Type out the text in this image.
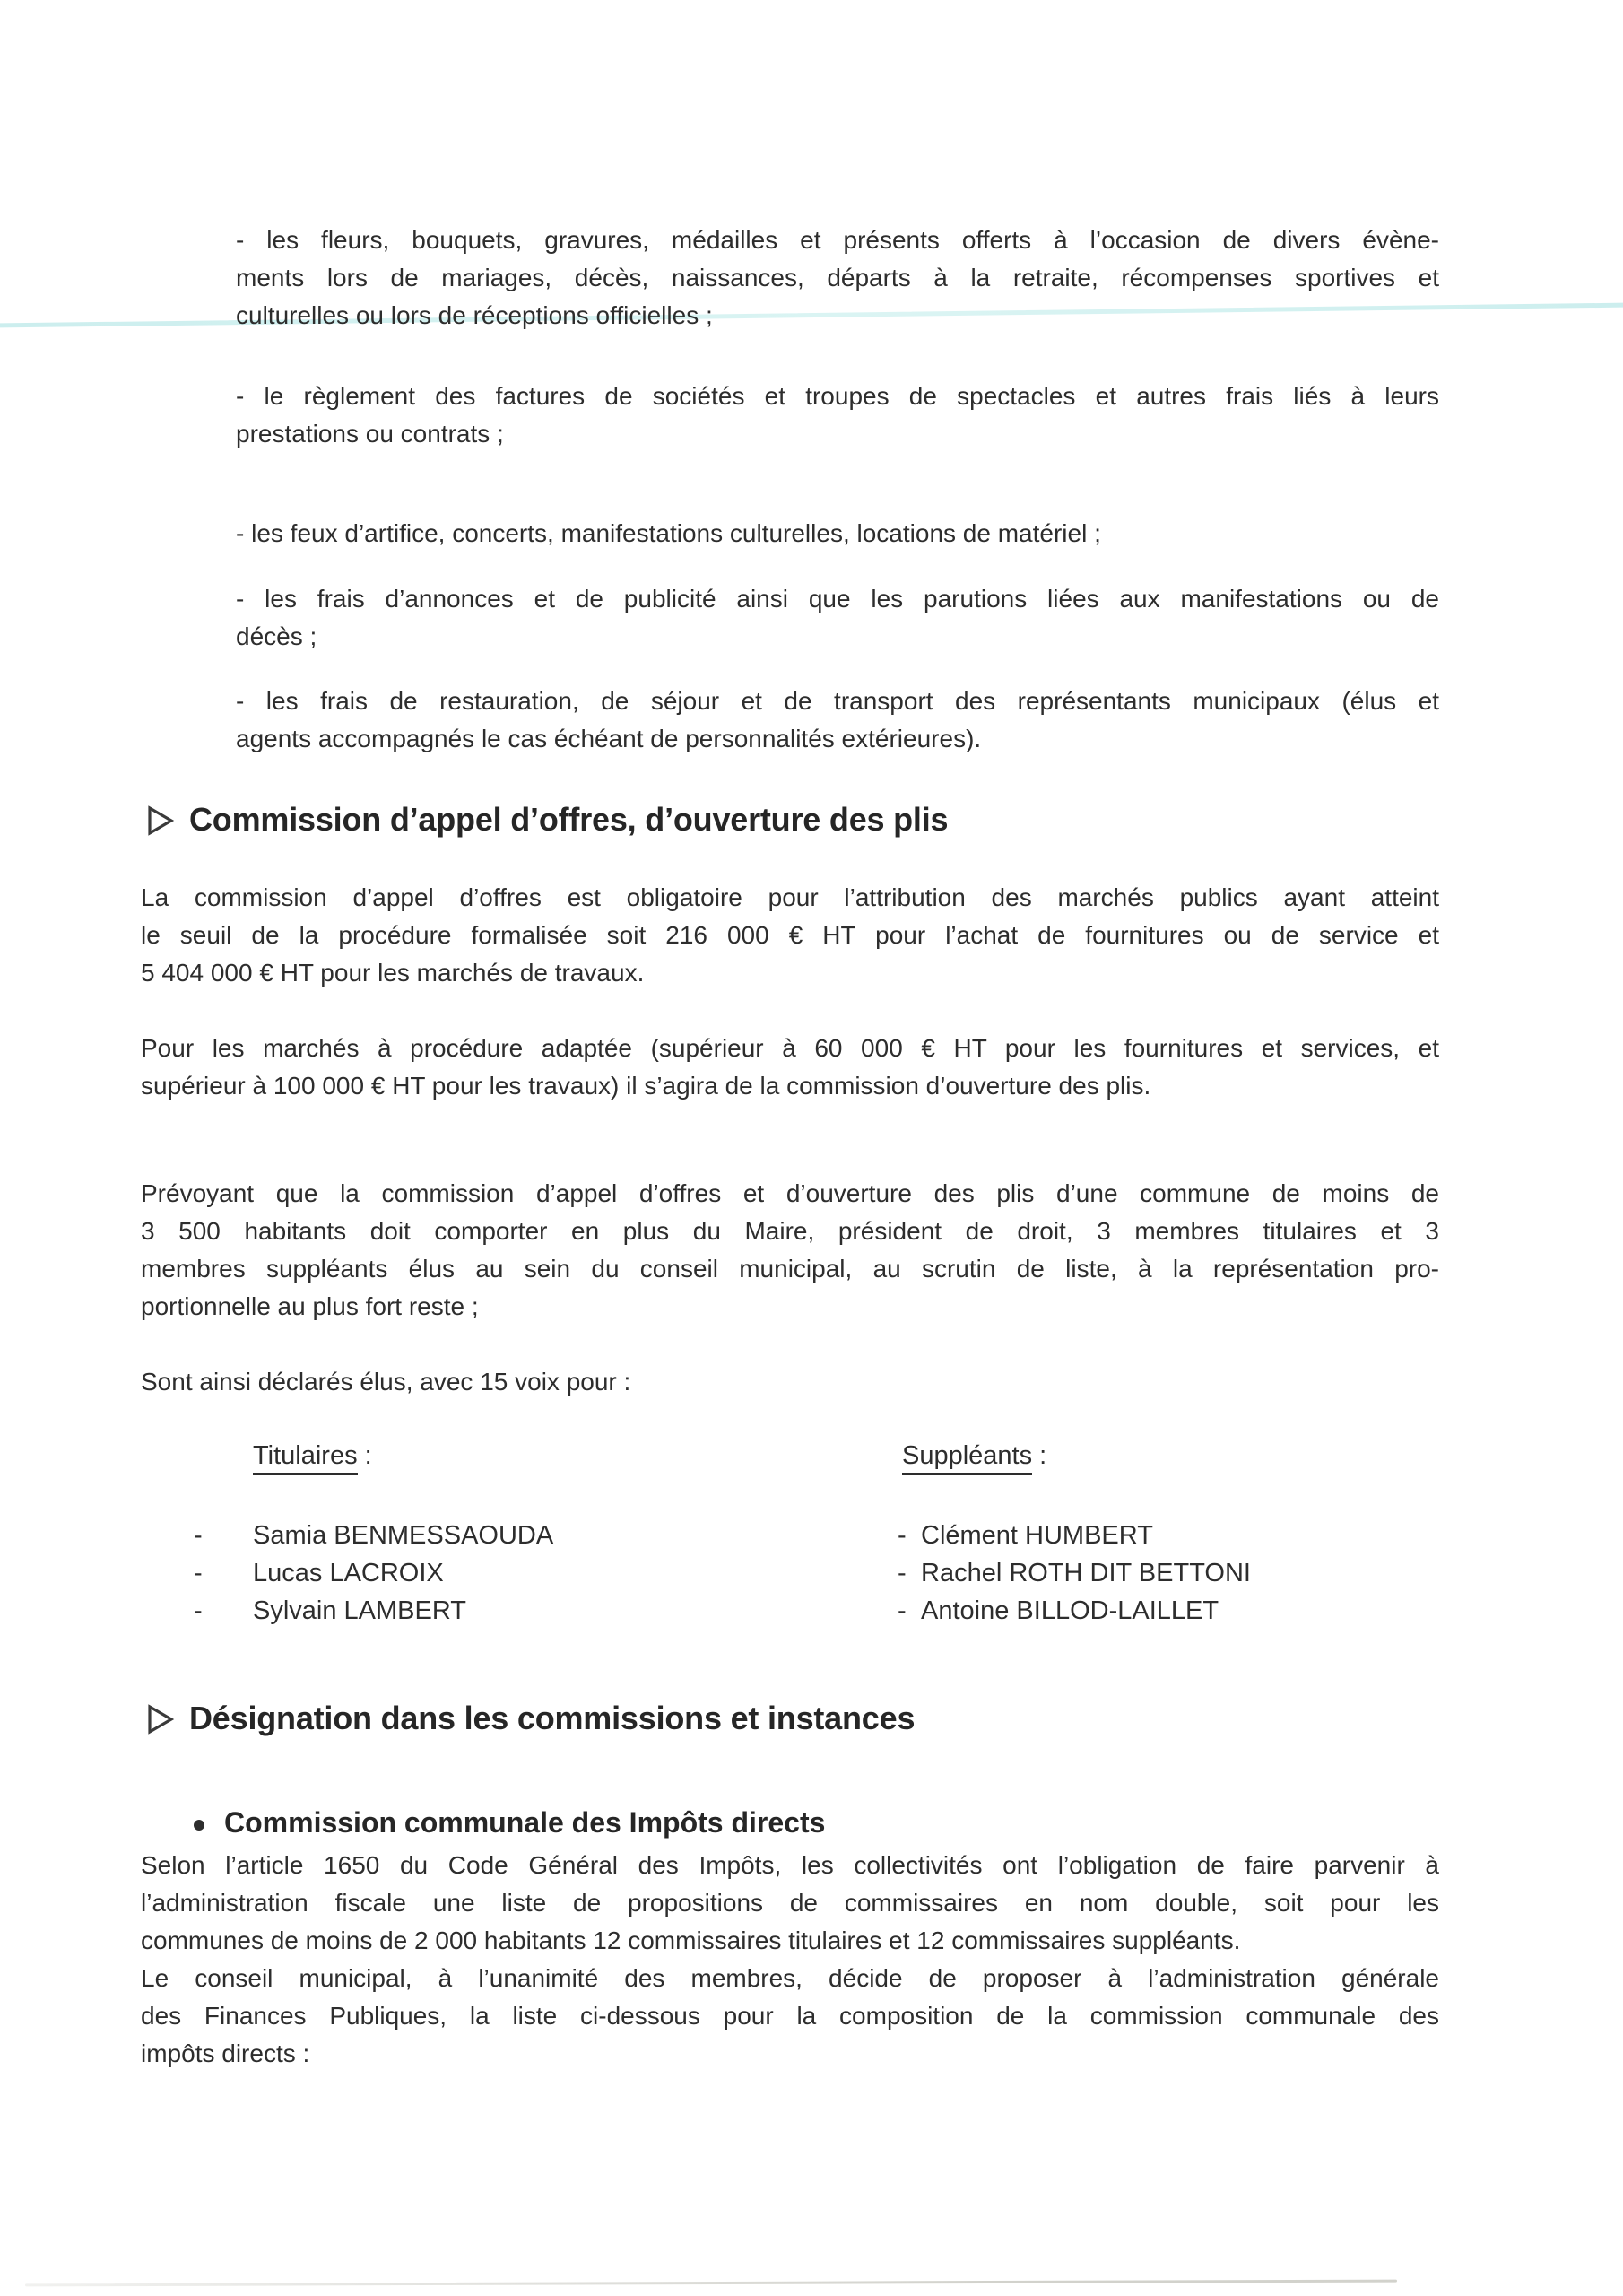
- les fleurs, bouquets, gravures, médailles et présents offerts à l’occasion de divers évène-
ments lors de mariages, décès, naissances, départs à la retraite, récompenses sportives et
culturelles ou lors de réceptions officielles ;
- le règlement des factures de sociétés et troupes de spectacles et autres frais liés à leurs
prestations ou contrats ;
- les feux d’artifice, concerts, manifestations culturelles, locations de matériel ;
- les frais d’annonces et de publicité ainsi que les parutions liées aux manifestations ou de
décès ;
- les frais de restauration, de séjour et de transport des représentants municipaux (élus et
agents accompagnés le cas échéant de personnalités extérieures).
Commission d’appel d’offres, d’ouverture des plis
La commission d’appel d’offres est obligatoire pour l’attribution des marchés publics ayant atteint
le seuil de la procédure formalisée soit 216 000 € HT pour l’achat de fournitures ou de service et
5 404 000 € HT pour les marchés de travaux.
Pour les marchés à procédure adaptée (supérieur à 60 000 € HT pour les fournitures et services, et
supérieur à 100 000 € HT pour les travaux) il s’agira de la commission d’ouverture des plis.
Prévoyant que la commission d’appel d’offres et d’ouverture des plis d’une commune de moins de
3 500 habitants doit comporter en plus du Maire, président de droit, 3 membres titulaires et 3
membres suppléants élus au sein du conseil municipal, au scrutin de liste, à la représentation pro-
portionnelle au plus fort reste ;
Sont ainsi déclarés élus, avec 15 voix pour :
Titulaires :	Suppléants :
-	Samia BENMESSAOUDA
-	Lucas LACROIX
-	Sylvain LAMBERT
- Clément HUMBERT
- Rachel ROTH DIT BETTONI
- Antoine BILLOD-LAILLET
Désignation dans les commissions et instances
Commission communale des Impôts directs
Selon l’article 1650 du Code Général des Impôts, les collectivités ont l’obligation de faire parvenir à
l’administration fiscale une liste de propositions de commissaires en nom double, soit pour les
communes de moins de 2 000 habitants 12 commissaires titulaires et 12 commissaires suppléants.
Le conseil municipal, à l’unanimité des membres, décide de proposer à l’administration générale
des Finances Publiques, la liste ci-dessous pour la composition de la commission communale des
impôts directs :
